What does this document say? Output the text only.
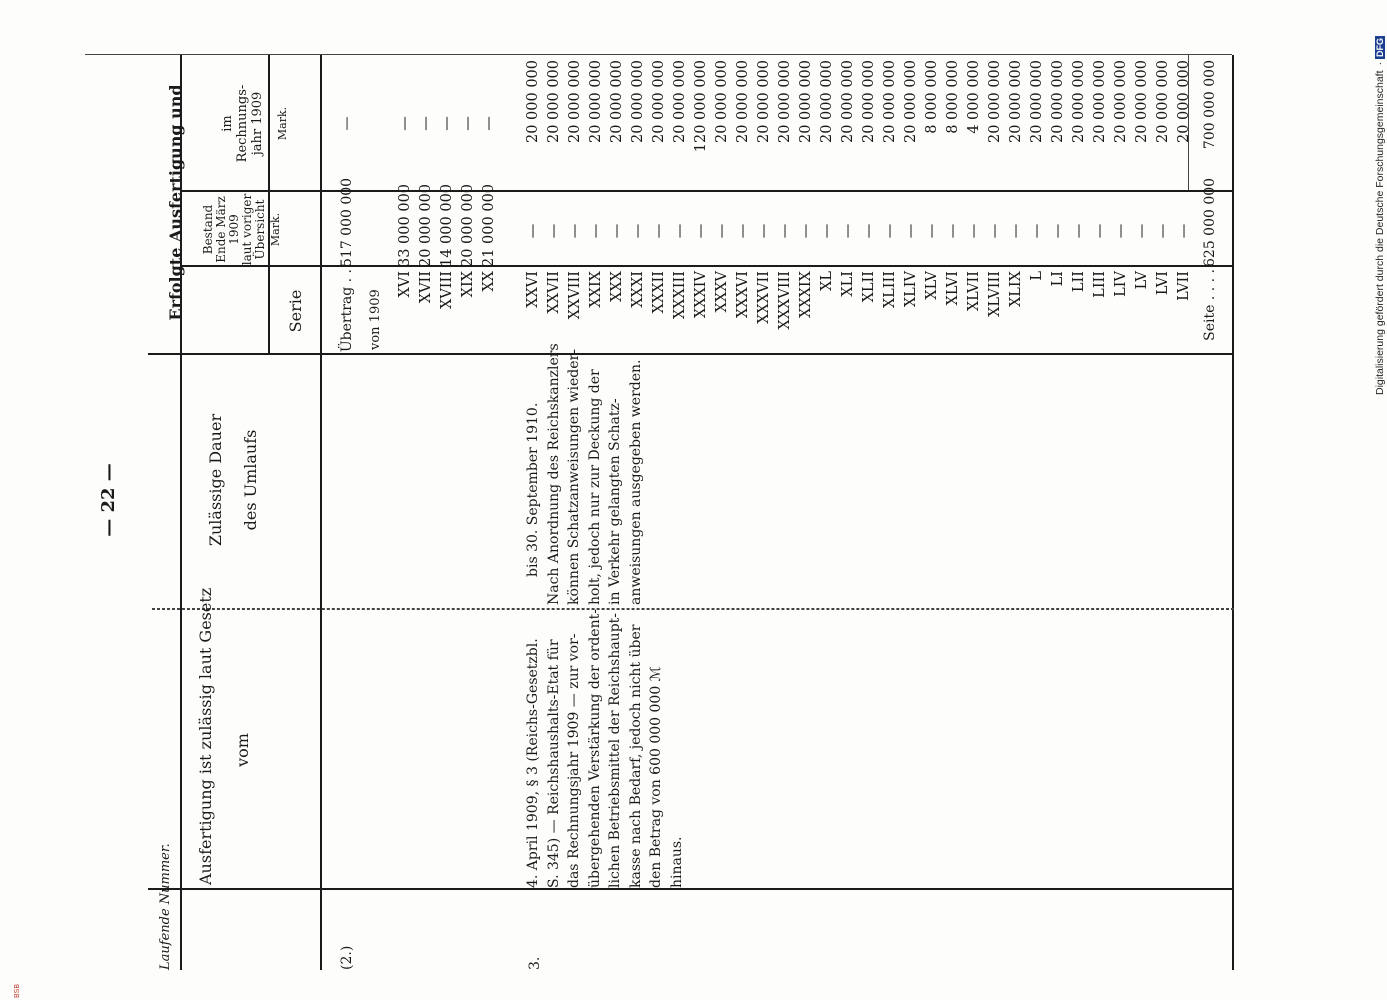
— 22 —
Laufende Nummer.
Ausfertigung ist zulässig laut Gesetz vom
Zulässige Dauer des Umlaufs
Erfolgte Ausfertigung und	Serie
Bestand Ende März 1909 laut voriger Übersicht Mark.
im Rechnungs- jahr 1909 Mark.
(2.)
Übertrag . .
517 000 000
—
von 1909
XVI XVII XVIII XIX XX
33 000 000 20 000 000 14 000 000 20 000 000 21 000 000
— — — — —
3.
4. April 1909, § 3 (Reichs-Gesetzbl. S. 345) — Reichshaushalts-Etat für das Rechnungsjahr 1909 — zur vor- übergehenden Verstärkung der ordent- lichen Betriebsmittel der Reichshaupt- kasse nach Bedarf, jedoch nicht über den Betrag von 600 000 000 ℳ hinaus.
bis 30. September 1910. Nach Anordnung des Reichskanzlers können Schatzanweisungen wieder- holt, jedoch nur zur Deckung der in Verkehr gelangten Schatz- anweisungen ausgegeben werden.
XXVI XXVII XXVIII XXIX XXX XXXI XXXII XXXIII XXXIV XXXV XXXVI XXXVII XXXVIII XXXIX XL XLI XLII XLIII XLIV XLV XLVI XLVII XLVIII XLIX L LI LII LIII LIV LV LVI LVII
— — — — — — — — — — — — — — — — — — — — — — — — — — — — — — — —
20 000 000 20 000 000 20 000 000 20 000 000 20 000 000 20 000 000 20 000 000 20 000 000 120 000 000 20 000 000 20 000 000 20 000 000 20 000 000 20 000 000 20 000 000 20 000 000 20 000 000 20 000 000 20 000 000 8 000 000 8 000 000 4 000 000 20 000 000 20 000 000 20 000 000 20 000 000 20 000 000 20 000 000 20 000 000 20 000 000 20 000 000 20 000 000
Seite . . . .
625 000 000
700 000 000	Digitalisierung gefördert durch die Deutsche Forschungsgemeinschaft · DFG
BSB
